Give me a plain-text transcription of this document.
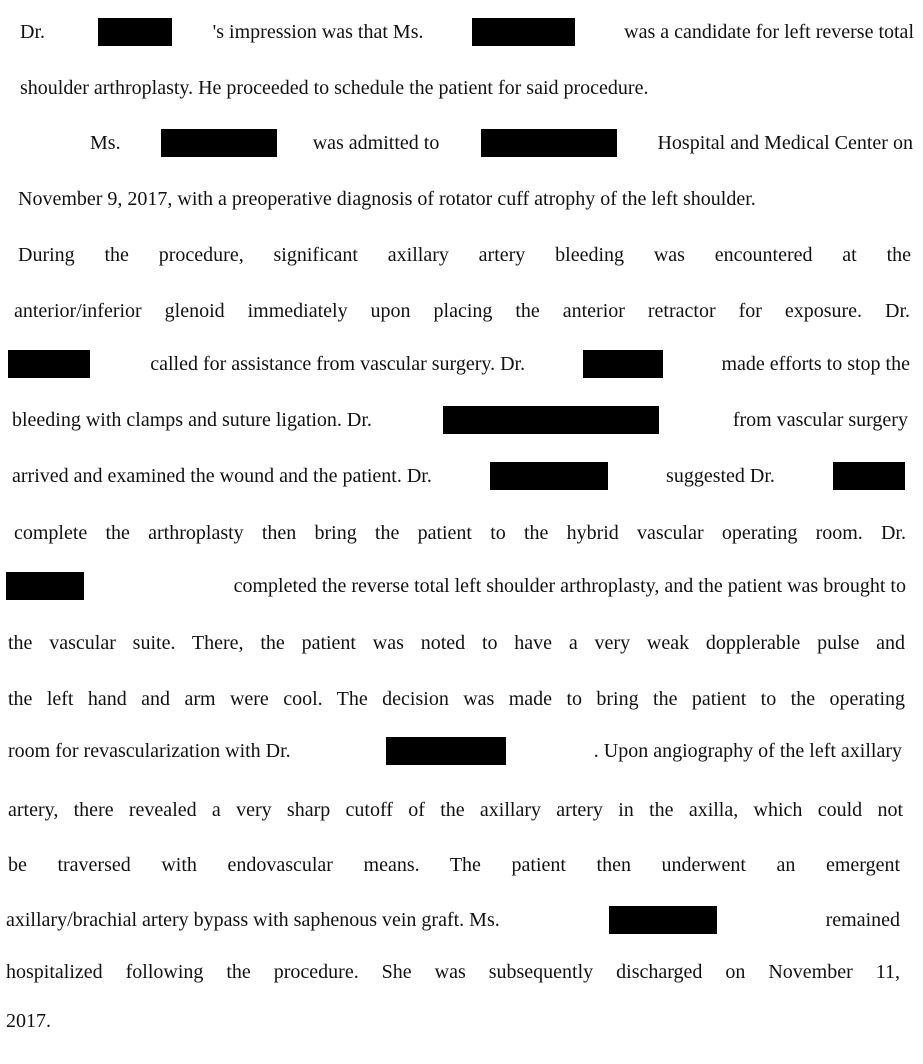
Dr.	's impression was that Ms.	was a candidate for left reverse total
shoulder arthroplasty. He proceeded to schedule the patient for said procedure.
Ms.	was admitted to	Hospital and Medical Center on
November 9, 2017, with a preoperative diagnosis of rotator cuff atrophy of the left shoulder.
During the procedure, significant axillary artery bleeding was encountered at the
anterior/inferior glenoid immediately upon placing the anterior retractor for exposure. Dr.
called for assistance from vascular surgery. Dr.	made efforts to stop the
bleeding with clamps and suture ligation. Dr.	from vascular surgery
arrived and examined the wound and the patient. Dr.	suggested Dr.
complete the arthroplasty then bring the patient to the hybrid vascular operating room. Dr.
completed the reverse total left shoulder arthroplasty, and the patient was brought to
the vascular suite. There, the patient was noted to have a very weak dopplerable pulse and
the left hand and arm were cool. The decision was made to bring the patient to the operating
room for revascularization with Dr.	. Upon angiography of the left axillary
artery, there revealed a very sharp cutoff of the axillary artery in the axilla, which could not
be traversed with endovascular means. The patient then underwent an emergent
axillary/brachial artery bypass with saphenous vein graft. Ms.	remained
hospitalized following the procedure. She was subsequently discharged on November 11,
2017.
